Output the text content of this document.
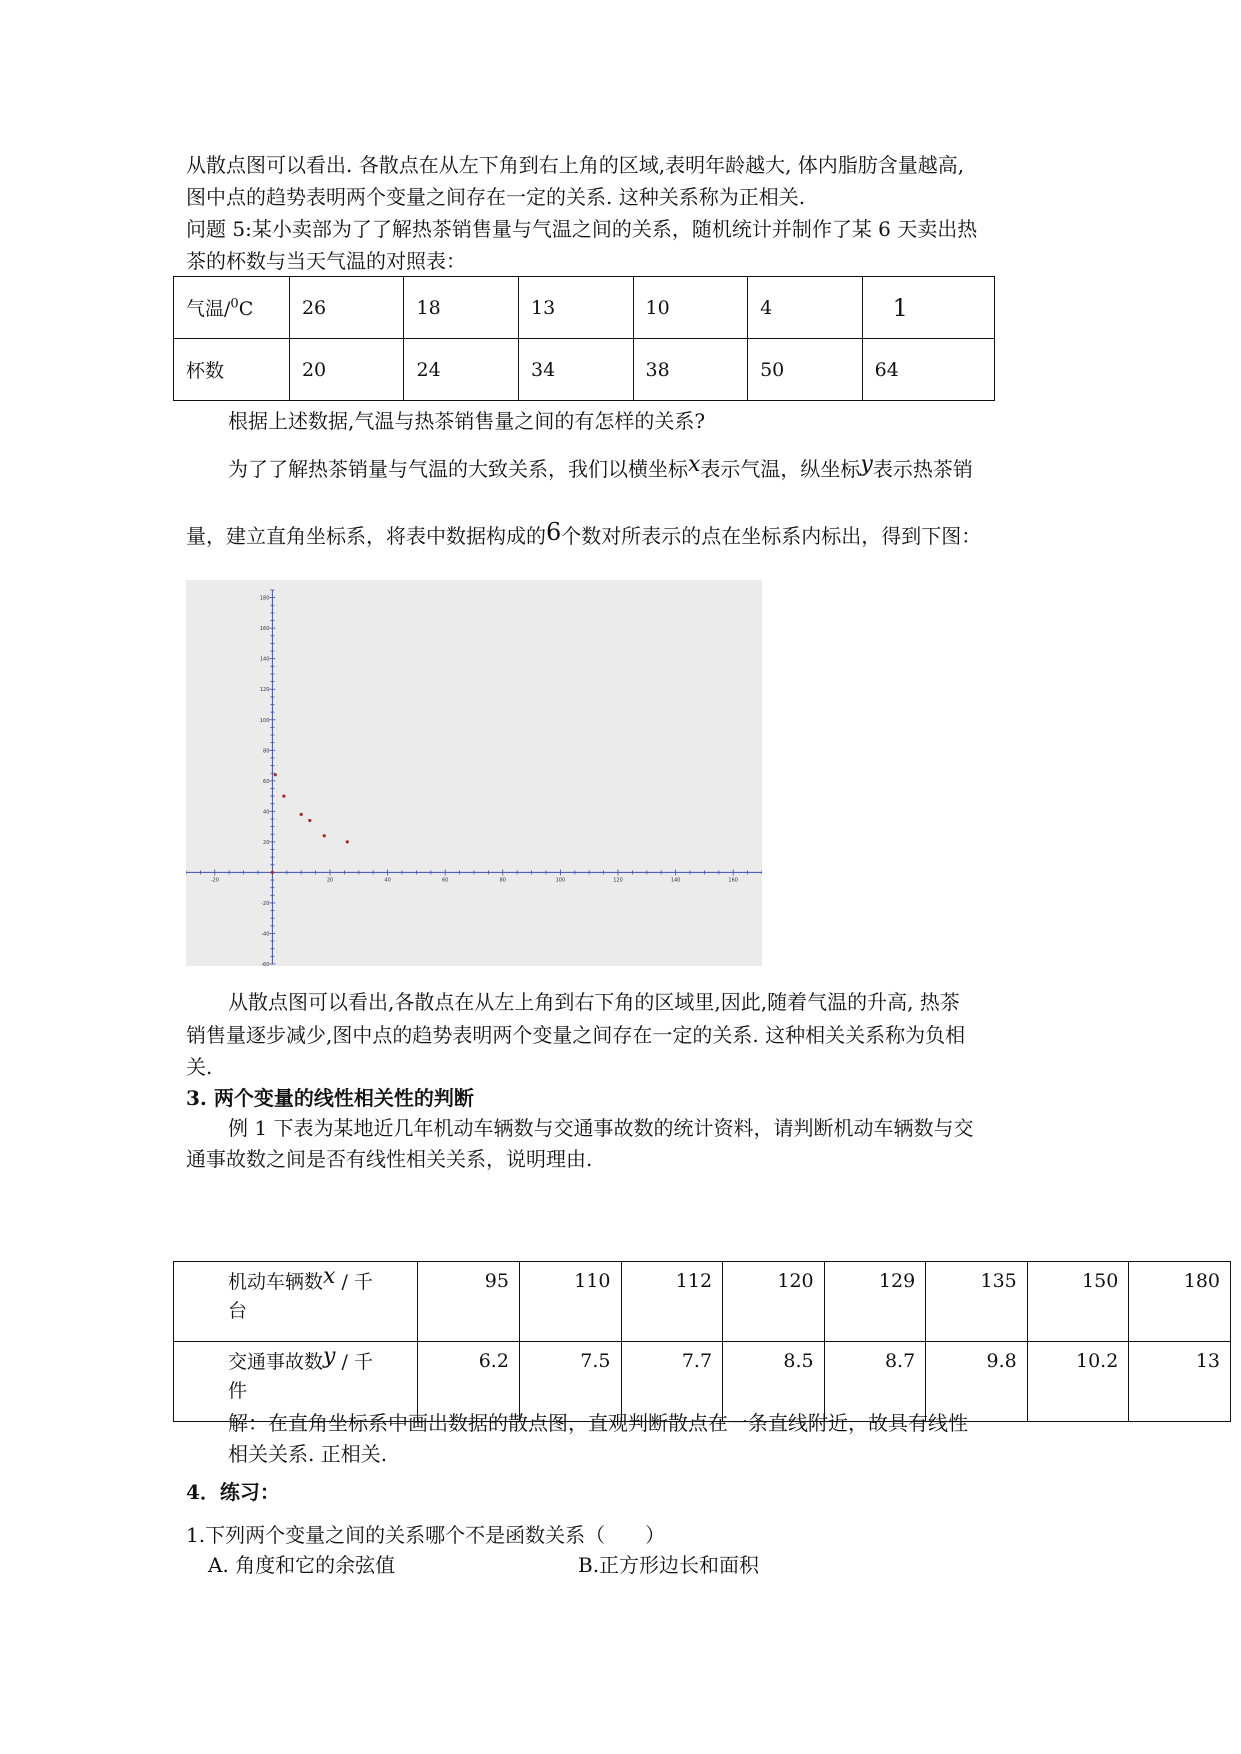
从散点图可以看出. 各散点在从左下角到右上角的区域,表明年龄越大, 体内脂肪含量越高,

图中点的趋势表明两个变量之间存在一定的关系. 这种关系称为正相关.

问题 5:某小卖部为了了解热茶销售量与气温之间的关系，随机统计并制作了某 6 天卖出热

茶的杯数与当天气温的对照表：

气温/$^0$C	26	18	13	10	4	1
杯数	20	24	34	38	50	64

根据上述数据,气温与热茶销售量之间的有怎样的关系?

为了了解热茶销量与气温的大致关系，我们以横坐标x表示气温，纵坐标y表示热茶销

量，建立直角坐标系，将表中数据构成的6个数对所表示的点在坐标系内标出，得到下图：

-20	20	40	60	80	100	120	140	160
-60
-40
-20
20
40
60
80
100
120
140
160
180

从散点图可以看出,各散点在从左上角到右下角的区域里,因此,随着气温的升高, 热茶

销售量逐步减少,图中点的趋势表明两个变量之间存在一定的关系. 这种相关关系称为负相

关.

3. 两个变量的线性相关性的判断

例 1 下表为某地近几年机动车辆数与交通事故数的统计资料，请判断机动车辆数与交

通事故数之间是否有线性相关关系，说明理由.

机动车辆数x / 千
台	95	110	112	120	129	135	150	180
交通事故数y / 千
件	6.2	7.5	7.7	8.5	8.7	9.8	10.2	13

解：在直角坐标系中画出数据的散点图，直观判断散点在一条直线附近，故具有线性

相关关系. 正相关.

4．练习：

1.下列两个变量之间的关系哪个不是函数关系（　　）

A. 角度和它的余弦值	B.正方形边长和面积
